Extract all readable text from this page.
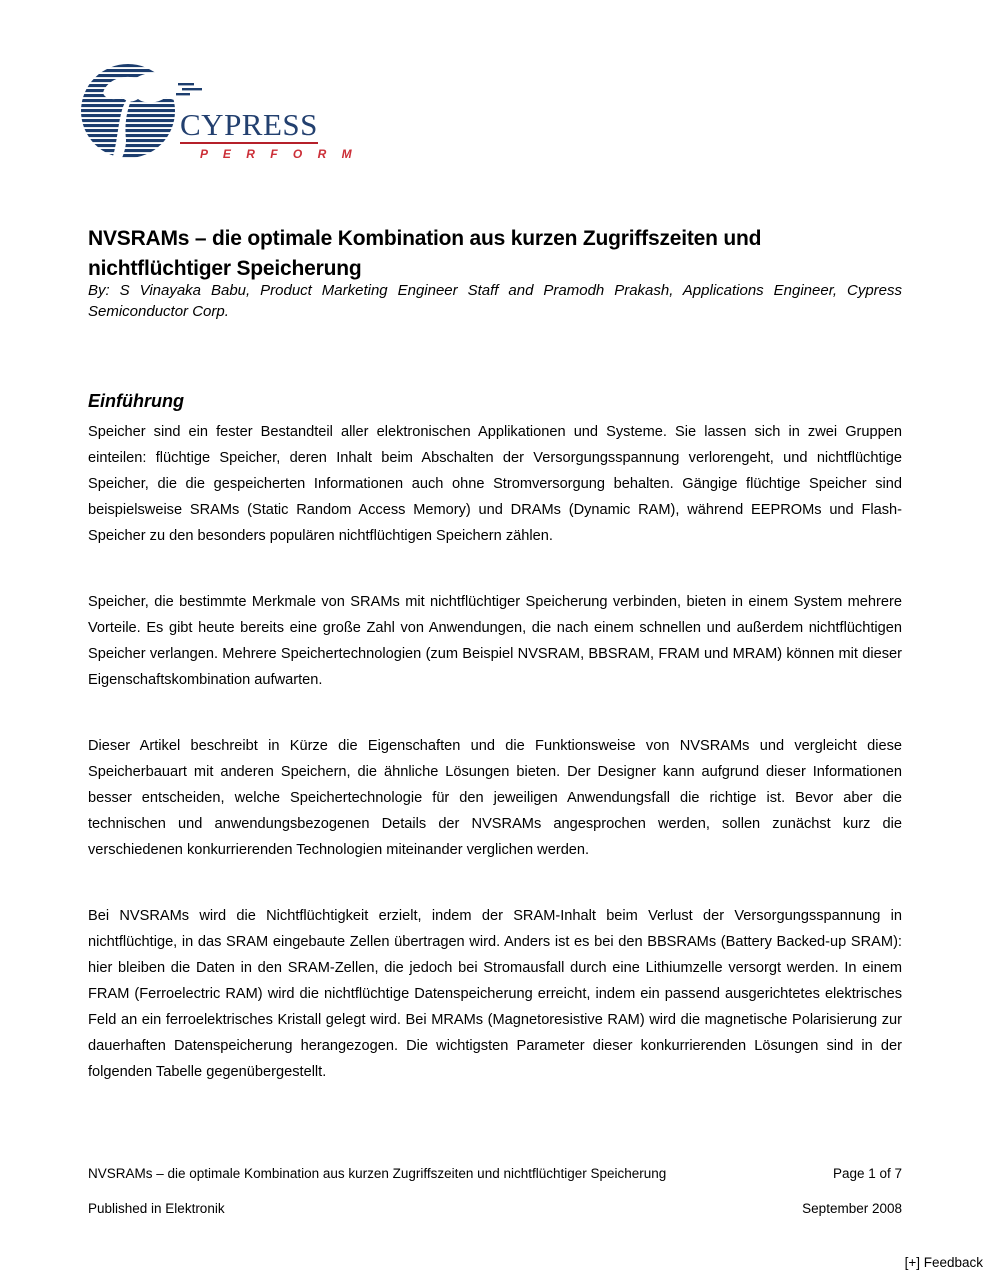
CYPRESS
P E R F O R M
NVSRAMs – die optimale Kombination aus kurzen Zugriffszeiten und nichtflüchtiger Speicherung

By: S Vinayaka Babu, Product Marketing Engineer Staff and Pramodh Prakash, Applications Engineer, Cypress Semiconductor Corp.

Einführung

Speicher sind ein fester Bestandteil aller elektronischen Applikationen und Systeme. Sie lassen sich in zwei Gruppen einteilen: flüchtige Speicher, deren Inhalt beim Abschalten der Versorgungsspannung verlorengeht, und nichtflüchtige Speicher, die die gespeicherten Informationen auch ohne Stromversorgung behalten. Gängige flüchtige Speicher sind beispielsweise SRAMs (Static Random Access Memory) und DRAMs (Dynamic RAM), während EEPROMs und Flash-Speicher zu den besonders populären nichtflüchtigen Speichern zählen.

Speicher, die bestimmte Merkmale von SRAMs mit nichtflüchtiger Speicherung verbinden, bieten in einem System mehrere Vorteile. Es gibt heute bereits eine große Zahl von Anwendungen, die nach einem schnellen und außerdem nichtflüchtigen Speicher verlangen. Mehrere Speichertechnologien (zum Beispiel NVSRAM, BBSRAM, FRAM und MRAM) können mit dieser Eigenschaftskombination aufwarten.

Dieser Artikel beschreibt in Kürze die Eigenschaften und die Funktionsweise von NVSRAMs und vergleicht diese Speicherbauart mit anderen Speichern, die ähnliche Lösungen bieten. Der Designer kann aufgrund dieser Informationen besser entscheiden, welche Speichertechnologie für den jeweiligen Anwendungsfall die richtige ist. Bevor aber die technischen und anwendungsbezogenen Details der NVSRAMs angesprochen werden, sollen zunächst kurz die verschiedenen konkurrierenden Technologien miteinander verglichen werden.

Bei NVSRAMs wird die Nichtflüchtigkeit erzielt, indem der SRAM-Inhalt beim Verlust der Versorgungsspannung in nichtflüchtige, in das SRAM eingebaute Zellen übertragen wird. Anders ist es bei den BBSRAMs (Battery Backed-up SRAM): hier bleiben die Daten in den SRAM-Zellen, die jedoch bei Stromausfall durch eine Lithiumzelle versorgt werden. In einem FRAM (Ferroelectric RAM) wird die nichtflüchtige Datenspeicherung erreicht, indem ein passend ausgerichtetes elektrisches Feld an ein ferroelektrisches Kristall gelegt wird. Bei MRAMs (Magnetoresistive RAM) wird die magnetische Polarisierung zur dauerhaften Datenspeicherung herangezogen. Die wichtigsten Parameter dieser konkurrierenden Lösungen sind in der folgenden Tabelle gegenübergestellt.

NVSRAMs – die optimale Kombination aus kurzen Zugriffszeiten und nichtflüchtiger Speicherung	Page 1 of 7
Published in Elektronik	September 2008
[+] Feedback
